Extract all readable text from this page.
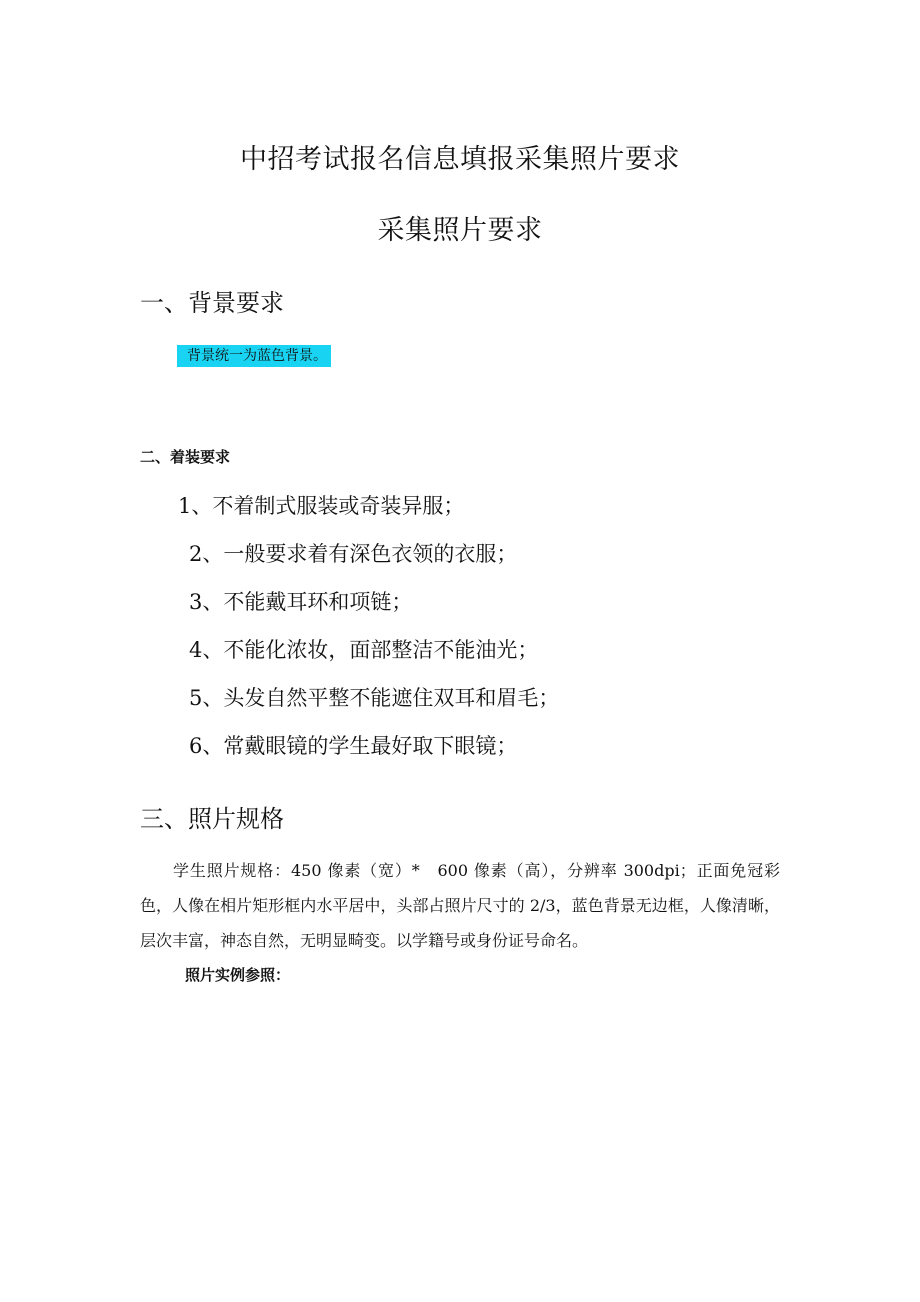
中招考试报名信息填报采集照片要求
采集照片要求
一、背景要求
背景统一为蓝色背景。
二、着装要求
1、不着制式服装或奇装异服；
2、一般要求着有深色衣领的衣服；
3、不能戴耳环和项链；
4、不能化浓妆，面部整洁不能油光；
5、头发自然平整不能遮住双耳和眉毛；
6、常戴眼镜的学生最好取下眼镜；
三、照片规格

学生照片规格：450 像素（宽）*　600 像素（高），分辨率 300dpi；正面免冠彩色，人像在相片矩形框内水平居中，头部占照片尺寸的 2/3，蓝色背景无边框，人像清晰，层次丰富，神态自然，无明显畸变。以学籍号或身份证号命名。

照片实例参照：
